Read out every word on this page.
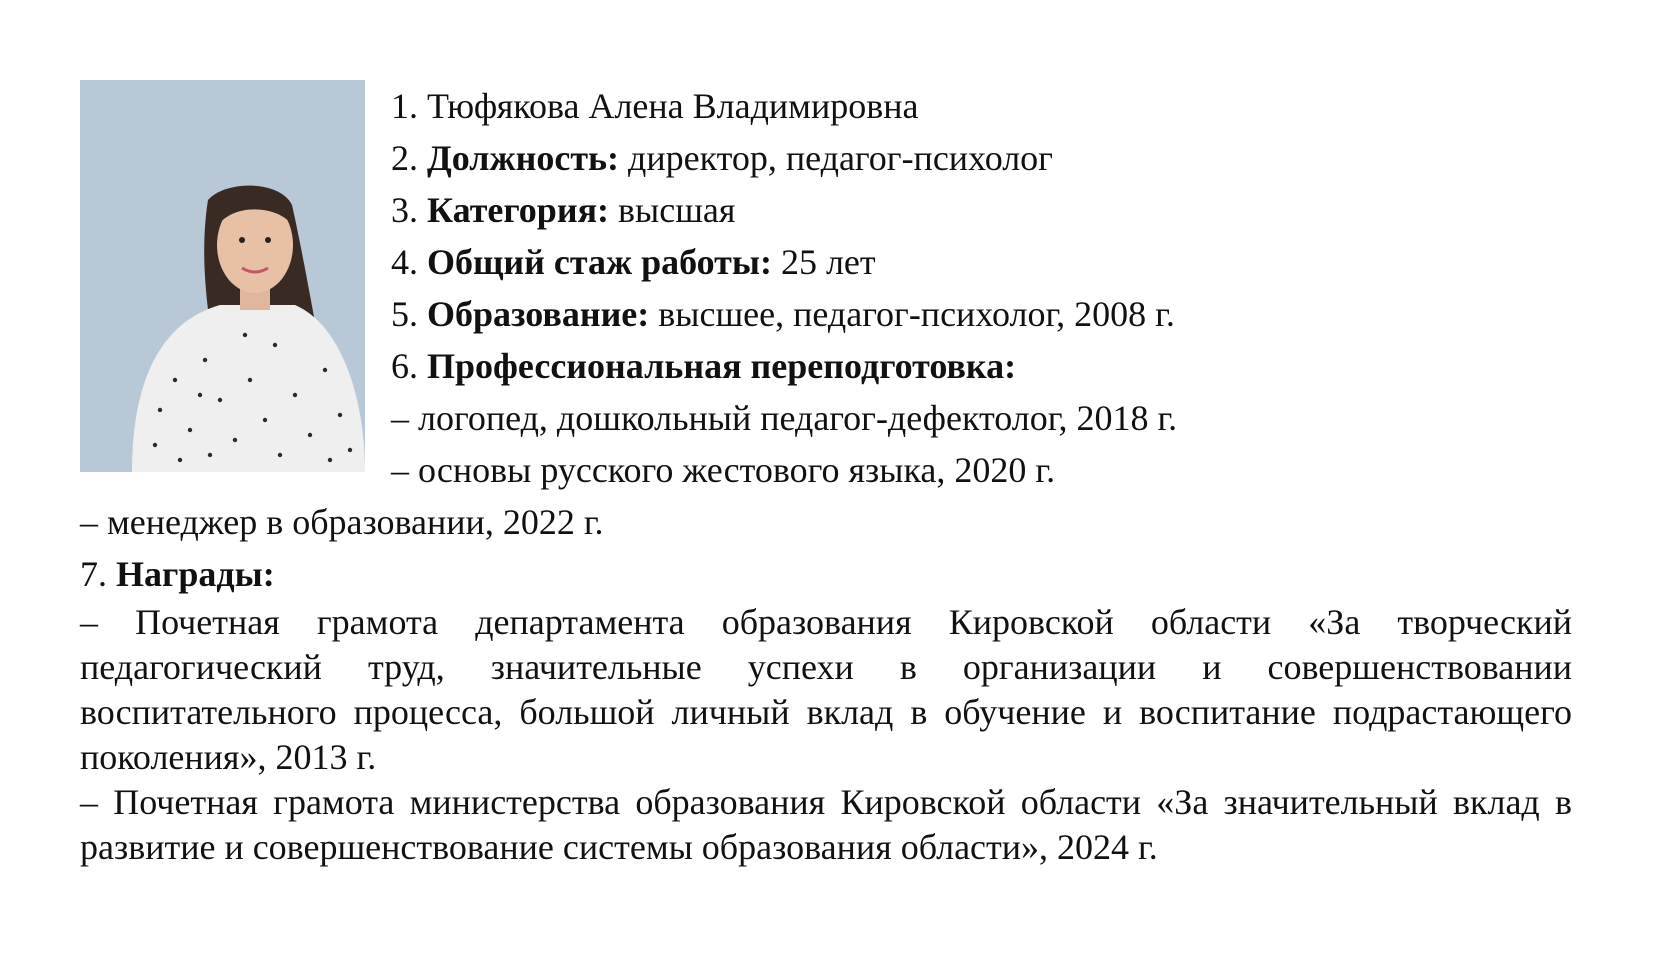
1. Тюфякова Алена Владимировна
2. Должность: директор, педагог-психолог
3. Категория: высшая
4. Общий стаж работы: 25 лет
5. Образование: высшее, педагог-психолог, 2008 г.
6. Профессиональная переподготовка:
– логопед, дошкольный педагог-дефектолог, 2018 г.
– основы русского жестового языка, 2020 г.
– менеджер в образовании, 2022 г.
7. Награды:
– Почетная грамота департамента образования Кировской области «За творческий педагогический труд, значительные успехи в организации и совершенствовании воспитательного процесса, большой личный вклад в обучение и воспитание подрастающего поколения», 2013 г.
– Почетная грамота министерства образования Кировской области «За значительный вклад в развитие и совершенствование системы образования области», 2024 г.
